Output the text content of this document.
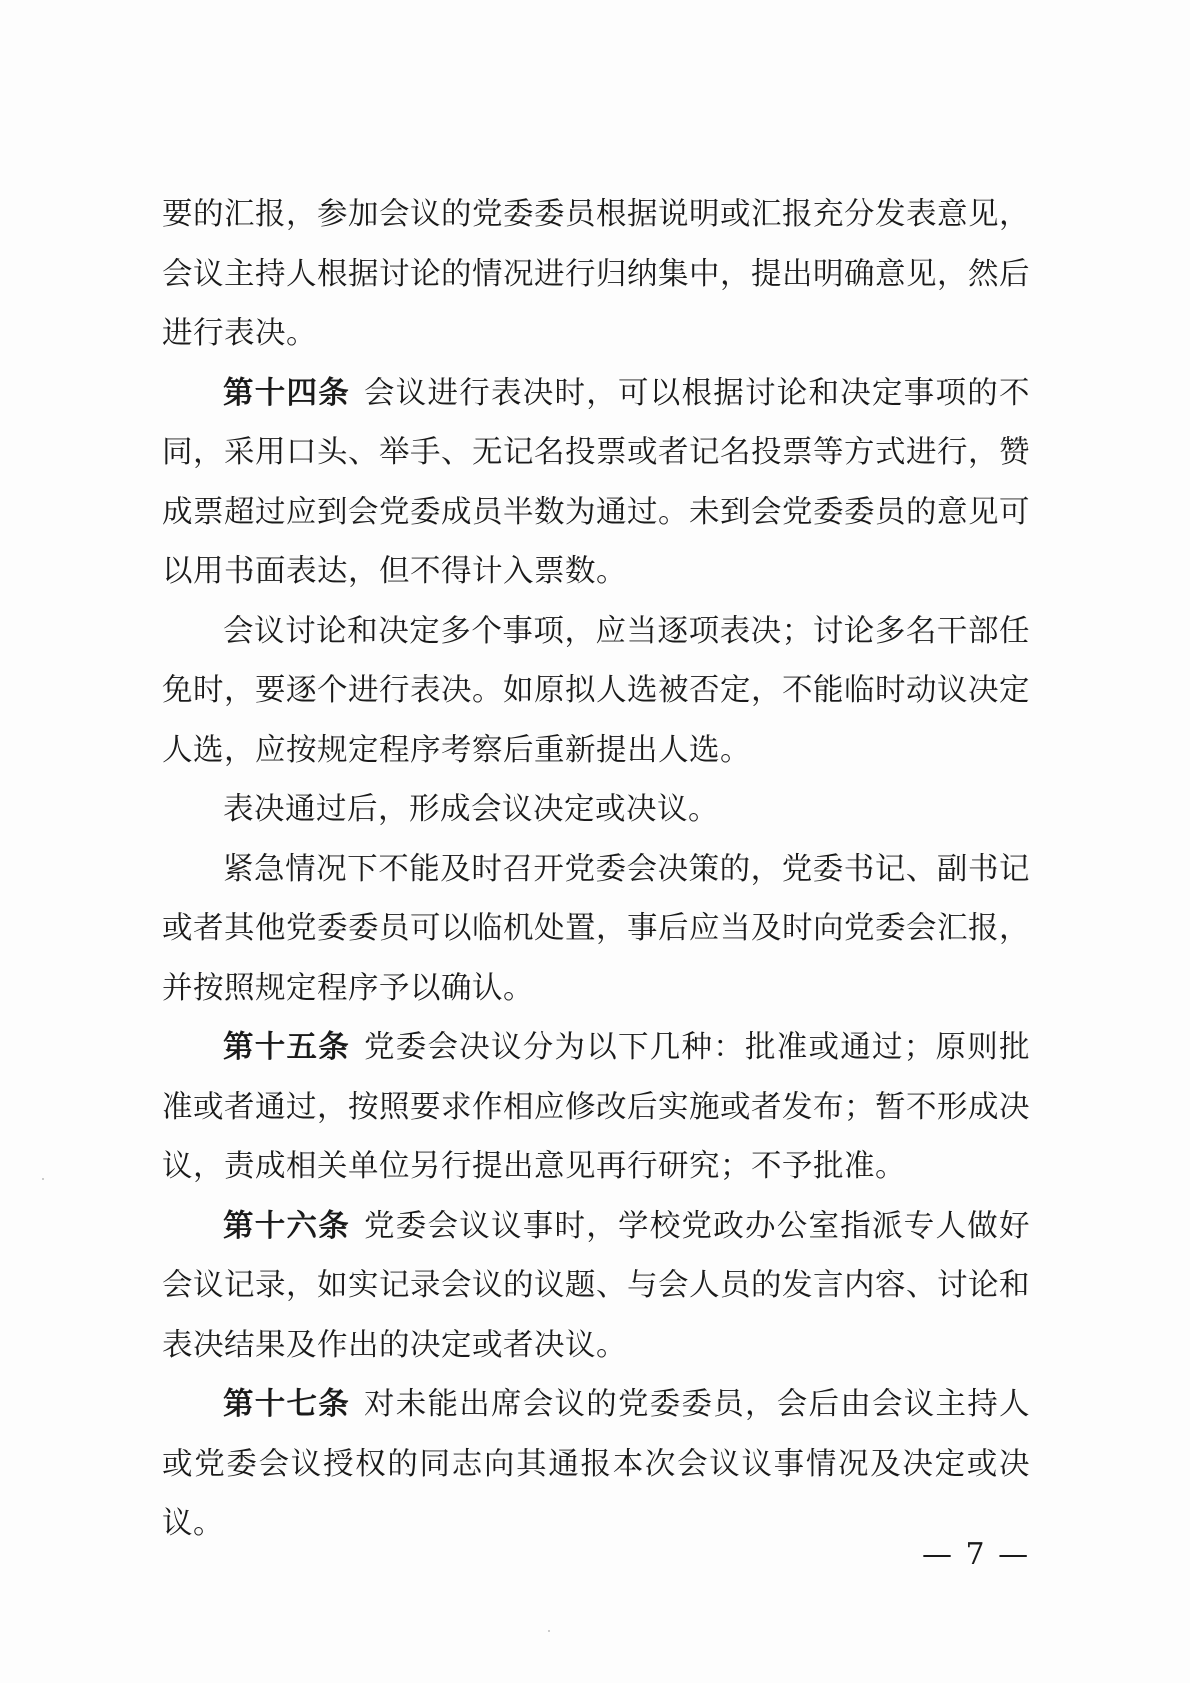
要的汇报，参加会议的党委委员根据说明或汇报充分发表意见，会议主持人根据讨论的情况进行归纳集中，提出明确意见，然后进行表决。

第十四条 会议进行表决时，可以根据讨论和决定事项的不同，采用口头、举手、无记名投票或者记名投票等方式进行，赞成票超过应到会党委成员半数为通过。未到会党委委员的意见可以用书面表达，但不得计入票数。

会议讨论和决定多个事项，应当逐项表决；讨论多名干部任免时，要逐个进行表决。如原拟人选被否定，不能临时动议决定人选，应按规定程序考察后重新提出人选。

表决通过后，形成会议决定或决议。

紧急情况下不能及时召开党委会决策的，党委书记、副书记或者其他党委委员可以临机处置，事后应当及时向党委会汇报，并按照规定程序予以确认。

第十五条 党委会决议分为以下几种：批准或通过；原则批准或者通过，按照要求作相应修改后实施或者发布；暂不形成决议，责成相关单位另行提出意见再行研究；不予批准。

第十六条 党委会议议事时，学校党政办公室指派专人做好会议记录，如实记录会议的议题、与会人员的发言内容、讨论和表决结果及作出的决定或者决议。

第十七条 对未能出席会议的党委委员，会后由会议主持人或党委会议授权的同志向其通报本次会议议事情况及决定或决议。

— 7 —
